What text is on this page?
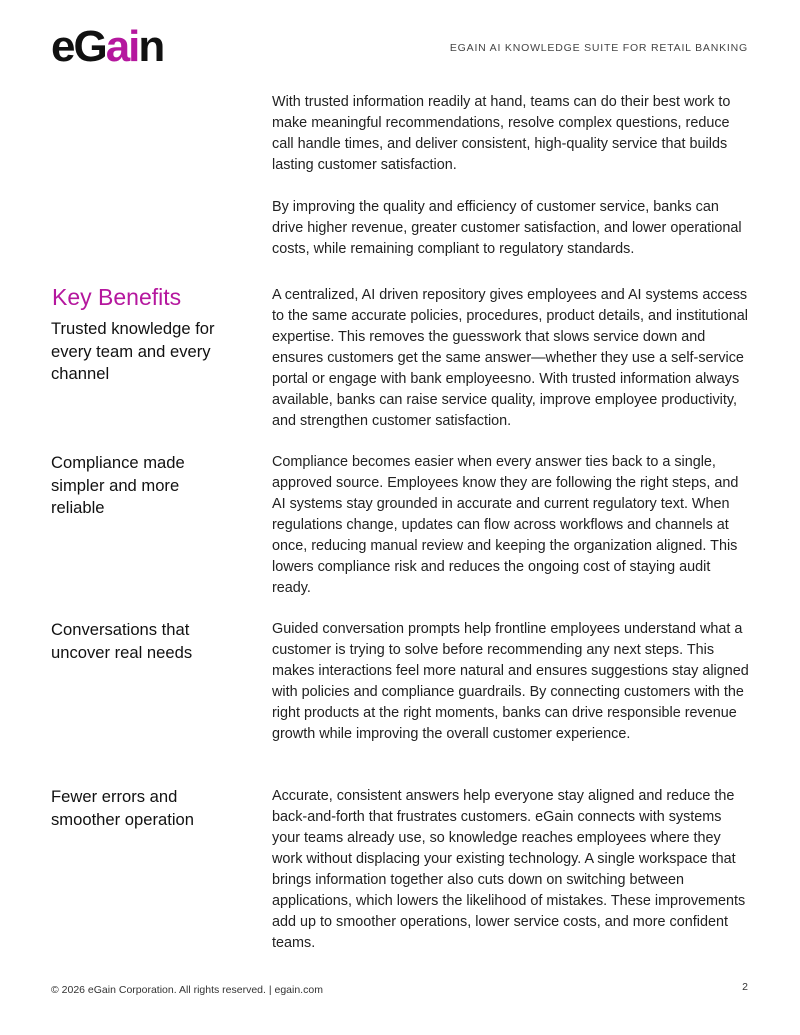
eGain	EGAIN AI KNOWLEDGE SUITE FOR RETAIL BANKING

With trusted information readily at hand, teams can do their best work to make meaningful recommendations, resolve complex questions, reduce call handle times, and deliver consistent, high-quality service that builds lasting customer satisfaction.

By improving the quality and efficiency of customer service, banks can drive higher revenue, greater customer satisfaction, and lower operational costs, while remaining compliant to regulatory standards.

Key Benefits
Trusted knowledge for every team and every channel

A centralized, AI driven repository gives employees and AI systems access to the same accurate policies, procedures, product details, and institutional expertise. This removes the guesswork that slows service down and ensures customers get the same answer—whether they use a self-service portal or engage with bank employeesno. With trusted information always available, banks can raise service quality, improve employee productivity, and strengthen customer satisfaction.

Compliance made simpler and more reliable

Compliance becomes easier when every answer ties back to a single, approved source. Employees know they are following the right steps, and AI systems stay grounded in accurate and current regulatory text. When regulations change, updates can flow across workflows and channels at once, reducing manual review and keeping the organization aligned. This lowers compliance risk and reduces the ongoing cost of staying audit ready.

Conversations that uncover real needs

Guided conversation prompts help frontline employees understand what a customer is trying to solve before recommending any next steps. This makes interactions feel more natural and ensures suggestions stay aligned with policies and compliance guardrails. By connecting customers with the right products at the right moments, banks can drive responsible revenue growth while improving the overall customer experience.

Fewer errors and smoother operation

Accurate, consistent answers help everyone stay aligned and reduce the back-and-forth that frustrates customers. eGain connects with systems your teams already use, so knowledge reaches employees where they work without displacing your existing technology. A single workspace that brings information together also cuts down on switching between applications, which lowers the likelihood of mistakes. These improvements add up to smoother operations, lower service costs, and more confident teams.

© 2026 eGain Corporation. All rights reserved. | egain.com	2
